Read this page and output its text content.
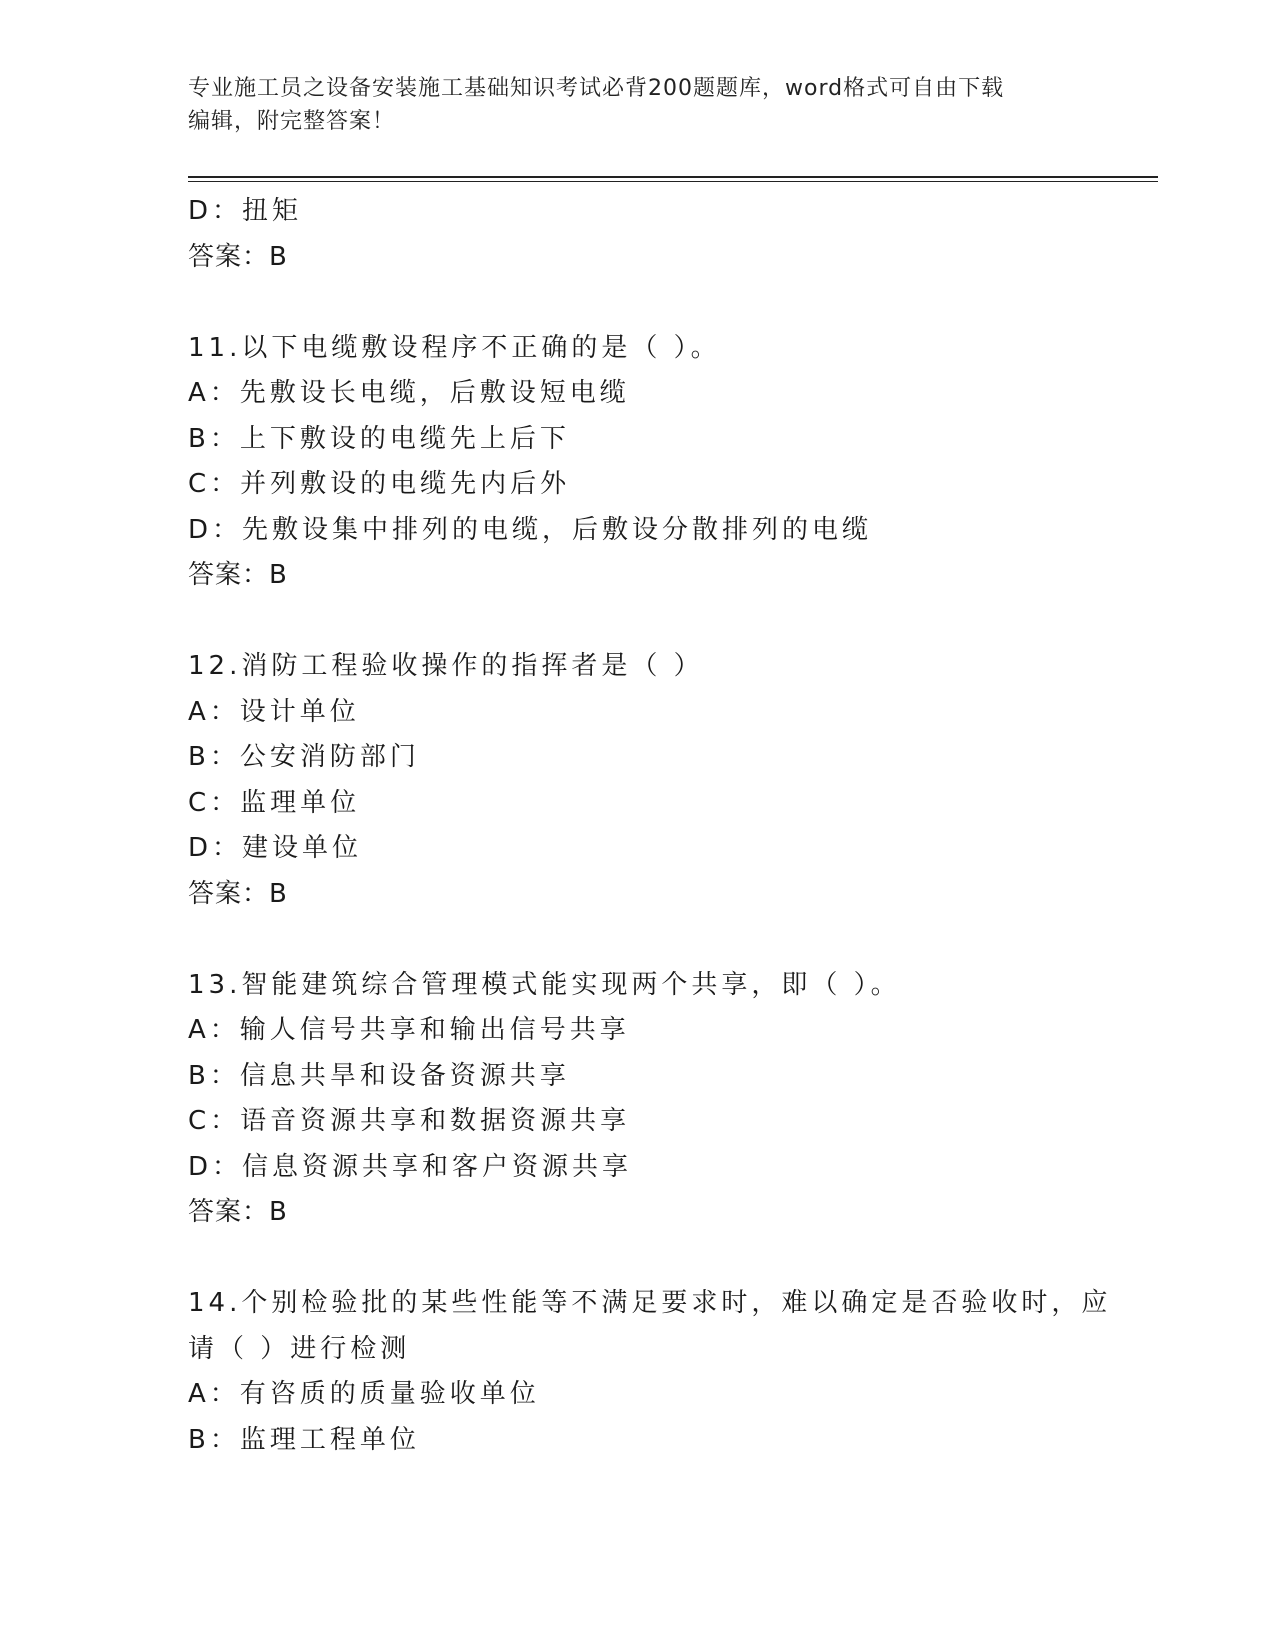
专业施工员之设备安装施工基础知识考试必背200题题库，word格式可自由下载
编辑，附完整答案！
D：扭矩
答案：B
11.以下电缆敷设程序不正确的是（ ）。
A：先敷设长电缆，后敷设短电缆
B：上下敷设的电缆先上后下
C：并列敷设的电缆先内后外
D：先敷设集中排列的电缆，后敷设分散排列的电缆
答案：B
12.消防工程验收操作的指挥者是（ ）
A：设计单位
B：公安消防部门
C：监理单位
D：建设单位
答案：B
13.智能建筑综合管理模式能实现两个共享，即（ ）。
A：输人信号共享和输出信号共享
B：信息共旱和设备资源共享
C：语音资源共享和数据资源共享
D：信息资源共享和客户资源共享
答案：B
14.个别检验批的某些性能等不满足要求时，难以确定是否验收时，应
请（ ）进行检测
A：有咨质的质量验收单位
B：监理工程单位
